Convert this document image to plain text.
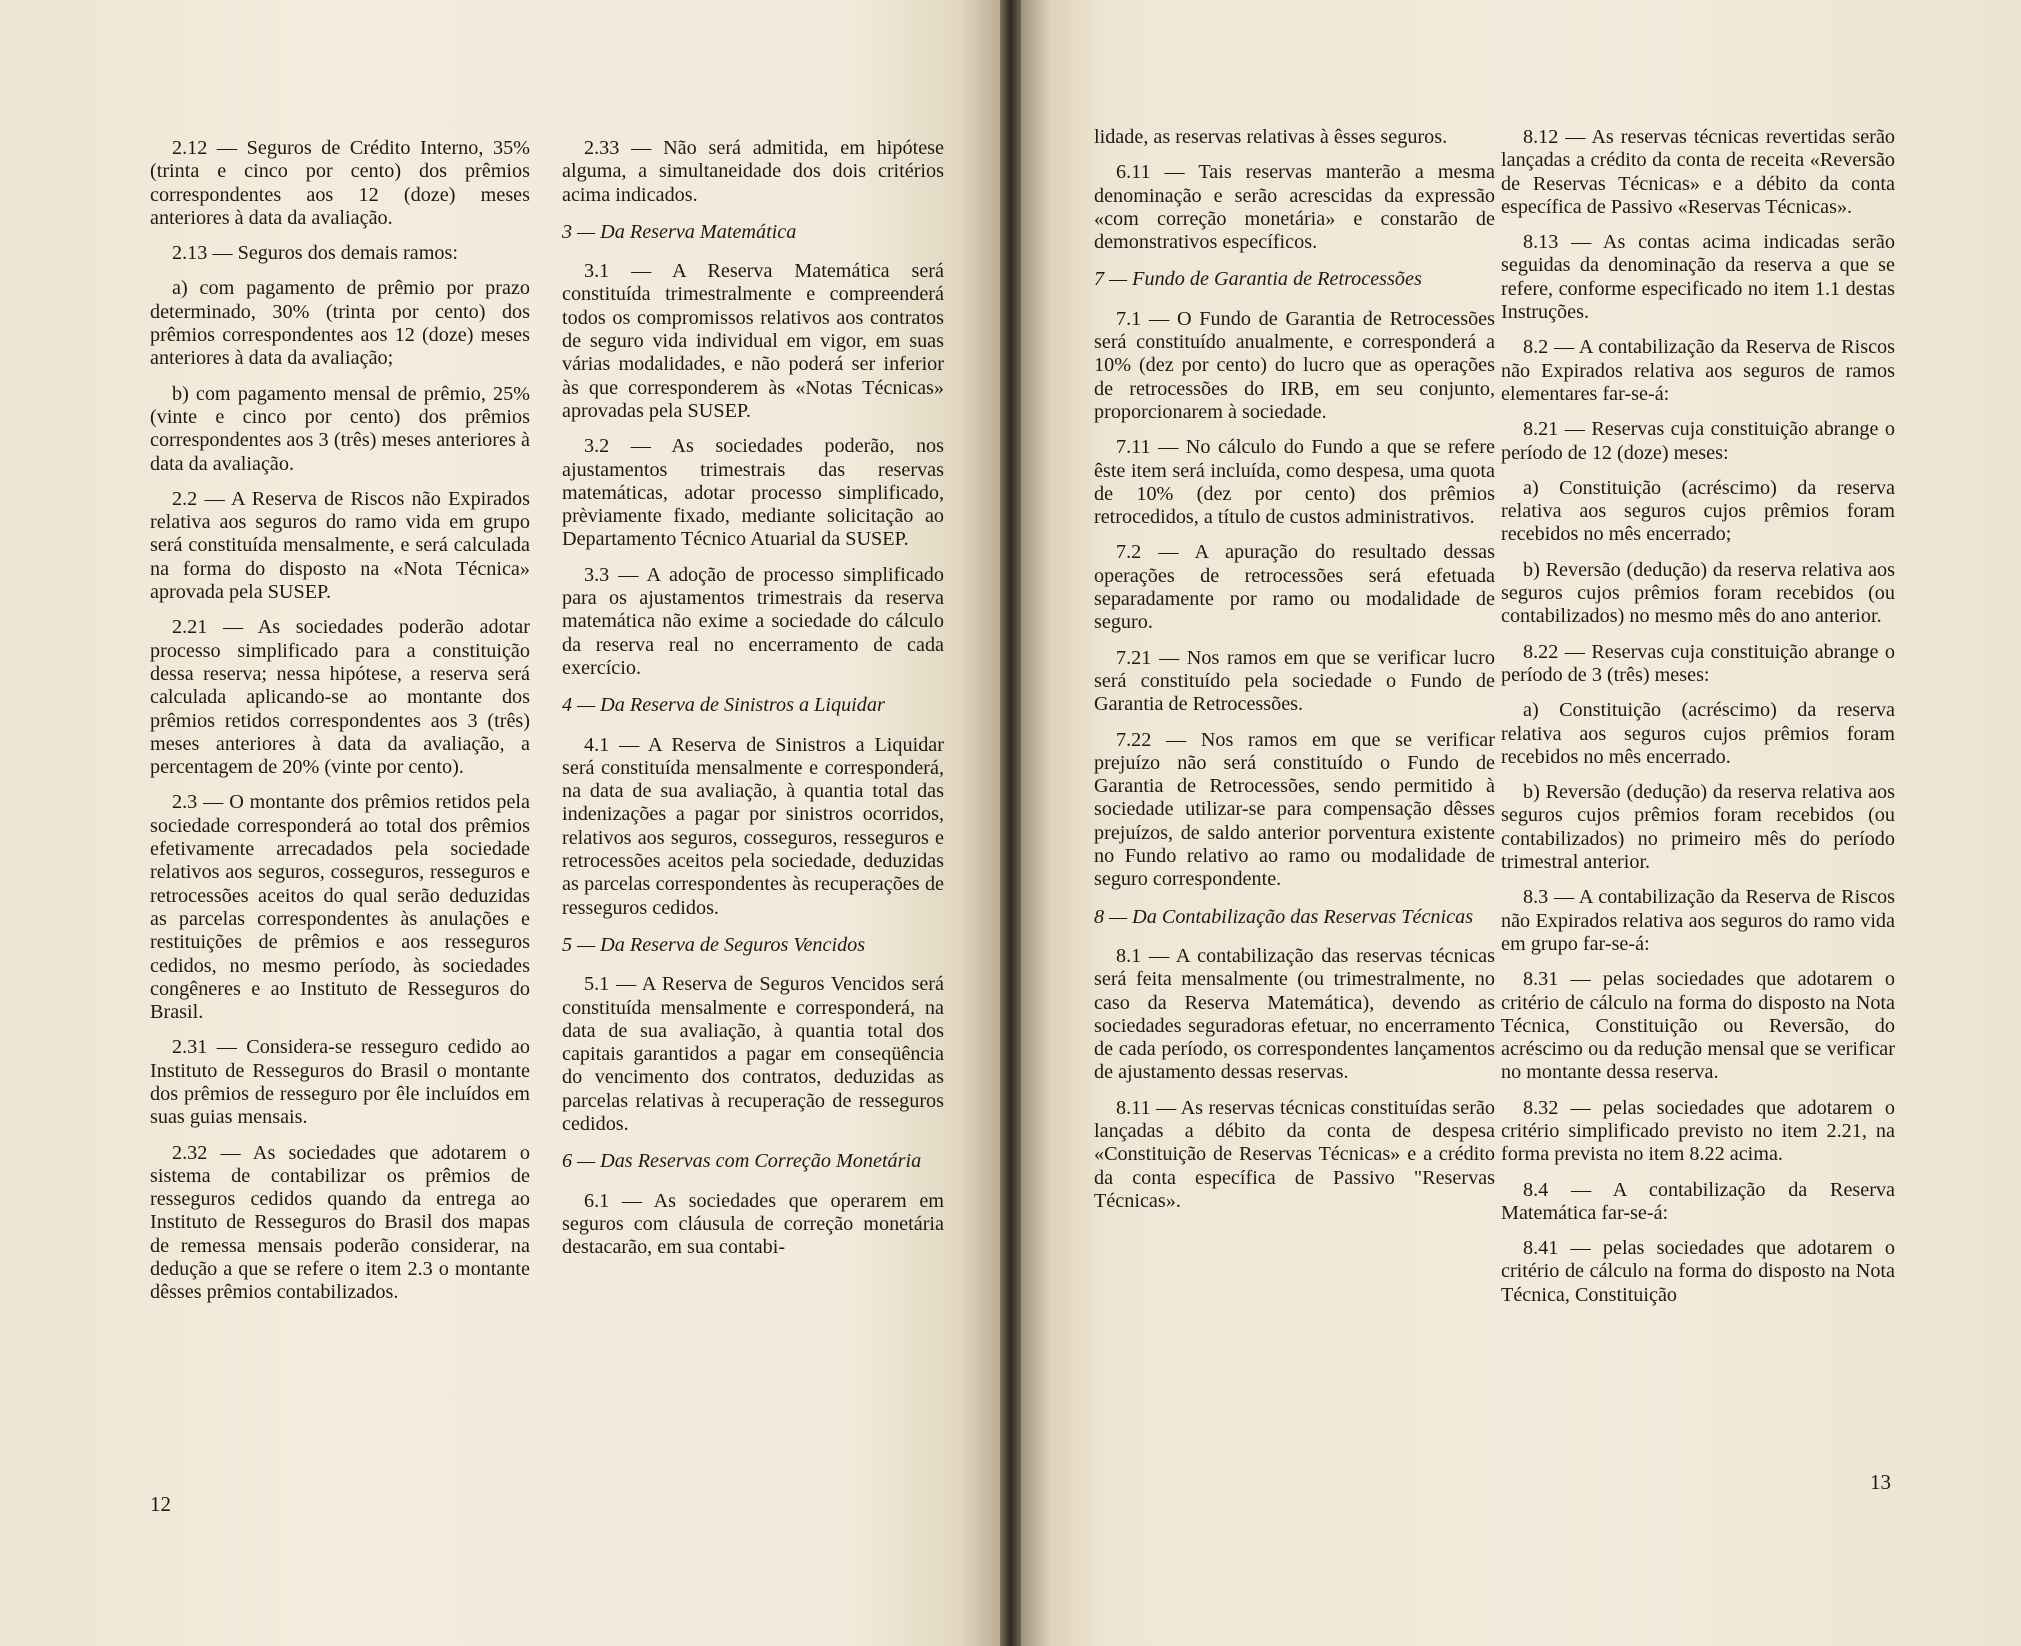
2.12 — Seguros de Crédito Interno, 35% (trinta e cinco por cento) dos prêmios correspondentes aos 12 (doze) meses anteriores à data da avaliação.

2.13 — Seguros dos demais ramos:

a) com pagamento de prêmio por prazo determinado, 30% (trinta por cento) dos prêmios correspondentes aos 12 (doze) meses anteriores à data da avaliação;

b) com pagamento mensal de prêmio, 25% (vinte e cinco por cento) dos prêmios correspondentes aos 3 (três) meses anteriores à data da avaliação.

2.2 — A Reserva de Riscos não Expirados relativa aos seguros do ramo vida em grupo será constituída mensalmente, e será calculada na forma do disposto na «Nota Técnica» aprovada pela SUSEP.

2.21 — As sociedades poderão adotar processo simplificado para a constituição dessa reserva; nessa hipótese, a reserva será calculada aplicando-se ao montante dos prêmios retidos correspondentes aos 3 (três) meses anteriores à data da avaliação, a percentagem de 20% (vinte por cento).

2.3 — O montante dos prêmios retidos pela sociedade corresponderá ao total dos prêmios efetivamente arrecadados pela sociedade relativos aos seguros, cosseguros, resseguros e retrocessões aceitos do qual serão deduzidas as parcelas correspondentes às anulações e restituições de prêmios e aos resseguros cedidos, no mesmo período, às sociedades congêneres e ao Instituto de Resseguros do Brasil.

2.31 — Considera-se resseguro cedido ao Instituto de Resseguros do Brasil o montante dos prêmios de resseguro por êle incluídos em suas guias mensais.

2.32 — As sociedades que adotarem o sistema de contabilizar os prêmios de resseguros cedidos quando da entrega ao Instituto de Resseguros do Brasil dos mapas de remessa mensais poderão considerar, na dedução a que se refere o item 2.3 o montante dêsses prêmios contabilizados.

2.33 — Não será admitida, em hipótese alguma, a simultaneidade dos dois critérios acima indicados.

3 — Da Reserva Matemática

3.1 — A Reserva Matemática será constituída trimestralmente e compreenderá todos os compromissos relativos aos contratos de seguro vida individual em vigor, em suas várias modalidades, e não poderá ser inferior às que corresponderem às «Notas Técnicas» aprovadas pela SUSEP.

3.2 — As sociedades poderão, nos ajustamentos trimestrais das reservas matemáticas, adotar processo simplificado, prèviamente fixado, mediante solicitação ao Departamento Técnico Atuarial da SUSEP.

3.3 — A adoção de processo simplificado para os ajustamentos trimestrais da reserva matemática não exime a sociedade do cálculo da reserva real no encerramento de cada exercício.

4 — Da Reserva de Sinistros a Liquidar

4.1 — A Reserva de Sinistros a Liquidar será constituída mensalmente e corresponderá, na data de sua avaliação, à quantia total das indenizações a pagar por sinistros ocorridos, relativos aos seguros, cosseguros, resseguros e retrocessões aceitos pela sociedade, deduzidas as parcelas correspondentes às recuperações de resseguros cedidos.

5 — Da Reserva de Seguros Vencidos

5.1 — A Reserva de Seguros Vencidos será constituída mensalmente e corresponderá, na data de sua avaliação, à quantia total dos capitais garantidos a pagar em conseqüência do vencimento dos contratos, deduzidas as parcelas relativas à recuperação de resseguros cedidos.

6 — Das Reservas com Correção Monetária

6.1 — As sociedades que operarem em seguros com cláusula de correção monetária destacarão, em sua contabi-

12

lidade, as reservas relativas à êsses seguros.

6.11 — Tais reservas manterão a mesma denominação e serão acrescidas da expressão «com correção monetária» e constarão de demonstrativos específicos.

7 — Fundo de Garantia de Retrocessões

7.1 — O Fundo de Garantia de Retrocessões será constituído anualmente, e corresponderá a 10% (dez por cento) do lucro que as operações de retrocessões do IRB, em seu conjunto, proporcionarem à sociedade.

7.11 — No cálculo do Fundo a que se refere êste item será incluída, como despesa, uma quota de 10% (dez por cento) dos prêmios retrocedidos, a título de custos administrativos.

7.2 — A apuração do resultado dessas operações de retrocessões será efetuada separadamente por ramo ou modalidade de seguro.

7.21 — Nos ramos em que se verificar lucro será constituído pela sociedade o Fundo de Garantia de Retrocessões.

7.22 — Nos ramos em que se verificar prejuízo não será constituído o Fundo de Garantia de Retrocessões, sendo permitido à sociedade utilizar-se para compensação dêsses prejuízos, de saldo anterior porventura existente no Fundo relativo ao ramo ou modalidade de seguro correspondente.

8 — Da Contabilização das Reservas Técnicas

8.1 — A contabilização das reservas técnicas será feita mensalmente (ou trimestralmente, no caso da Reserva Matemática), devendo as sociedades seguradoras efetuar, no encerramento de cada período, os correspondentes lançamentos de ajustamento dessas reservas.

8.11 — As reservas técnicas constituídas serão lançadas a débito da conta de despesa «Constituição de Reservas Técnicas» e a crédito da conta específica de Passivo "Reservas Técnicas».

8.12 — As reservas técnicas revertidas serão lançadas a crédito da conta de receita «Reversão de Reservas Técnicas» e a débito da conta específica de Passivo «Reservas Técnicas».

8.13 — As contas acima indicadas serão seguidas da denominação da reserva a que se refere, conforme especificado no item 1.1 destas Instruções.

8.2 — A contabilização da Reserva de Riscos não Expirados relativa aos seguros de ramos elementares far-se-á:

8.21 — Reservas cuja constituição abrange o período de 12 (doze) meses:

a) Constituição (acréscimo) da reserva relativa aos seguros cujos prêmios foram recebidos no mês encerrado;

b) Reversão (dedução) da reserva relativa aos seguros cujos prêmios foram recebidos (ou contabilizados) no mesmo mês do ano anterior.

8.22 — Reservas cuja constituição abrange o período de 3 (três) meses:

a) Constituição (acréscimo) da reserva relativa aos seguros cujos prêmios foram recebidos no mês encerrado.

b) Reversão (dedução) da reserva relativa aos seguros cujos prêmios foram recebidos (ou contabilizados) no primeiro mês do período trimestral anterior.

8.3 — A contabilização da Reserva de Riscos não Expirados relativa aos seguros do ramo vida em grupo far-se-á:

8.31 — pelas sociedades que adotarem o critério de cálculo na forma do disposto na Nota Técnica, Constituição ou Reversão, do acréscimo ou da redução mensal que se verificar no montante dessa reserva.

8.32 — pelas sociedades que adotarem o critério simplificado previsto no item 2.21, na forma prevista no item 8.22 acima.

8.4 — A contabilização da Reserva Matemática far-se-á:

8.41 — pelas sociedades que adotarem o critério de cálculo na forma do disposto na Nota Técnica, Constituição

13
